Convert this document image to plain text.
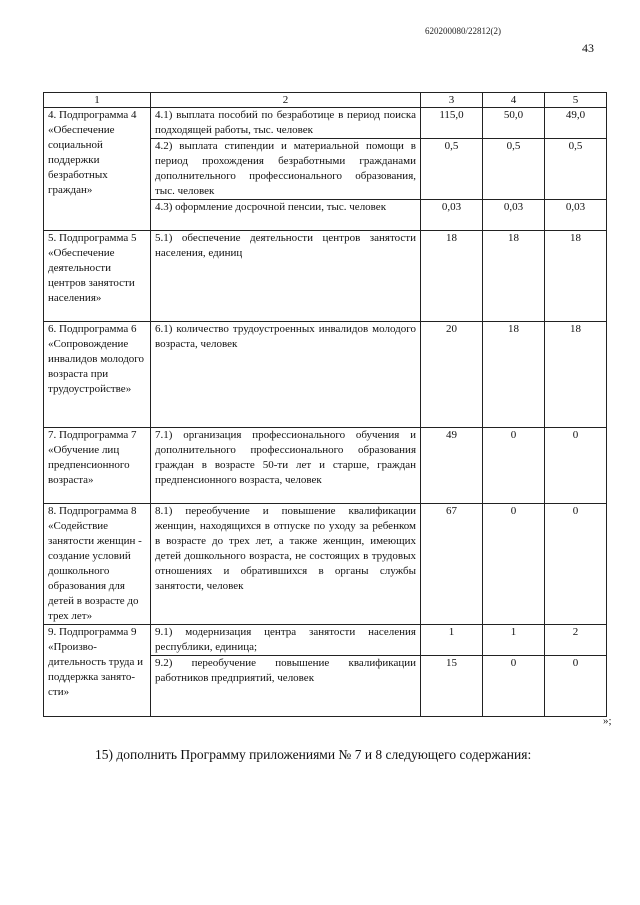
620200080/22812(2)
43
1	2	3	4	5
4. Подпрограмма 4 «Обеспечение социальной поддержки безработных граждан»	4.1) выплата пособий по безработице в период поиска подходящей работы, тыс. человек	115,0	50,0	49,0
	4.2) выплата стипендии и материальной помощи в период прохождения безработными гражданами дополнительного профессионального образования, тыс. человек	0,5	0,5	0,5
	4.3) оформление досрочной пенсии, тыс. человек	0,03	0,03	0,03
5. Подпрограмма 5 «Обеспечение деятельности центров занятости населения»	5.1) обеспечение деятельности центров занятости населения, единиц	18	18	18
6. Подпрограмма 6 «Сопровождение инвалидов молодого возраста при трудоустройстве»	6.1) количество трудоустроенных инвалидов молодого возраста, человек	20	18	18
7. Подпрограмма 7 «Обучение лиц предпенсионного возраста»	7.1) организация профессионального обучения и дополнительного профессионального образования граждан в возрасте 50-ти лет и старше, граждан предпенсионного возраста, человек	49	0	0
8. Подпрограмма 8 «Содействие занятости женщин - создание условий дошкольного образования для детей в возрасте до трех лет»	8.1) переобучение и повышение квалификации женщин, находящихся в отпуске по уходу за ребенком в возрасте до трех лет, а также женщин, имеющих детей дошкольного возраста, не состоящих в трудовых отношениях и обратившихся в органы службы занятости, человек	67	0	0
9. Подпрограмма 9 «Производительность труда и поддержка занятости»	9.1) модернизация центра занятости населения республики, единица;	1	1	2
	9.2) переобучение повышение квалификации работников предприятий, человек	15	0	0
»;
15) дополнить Программу приложениями № 7 и 8 следующего содержания:
